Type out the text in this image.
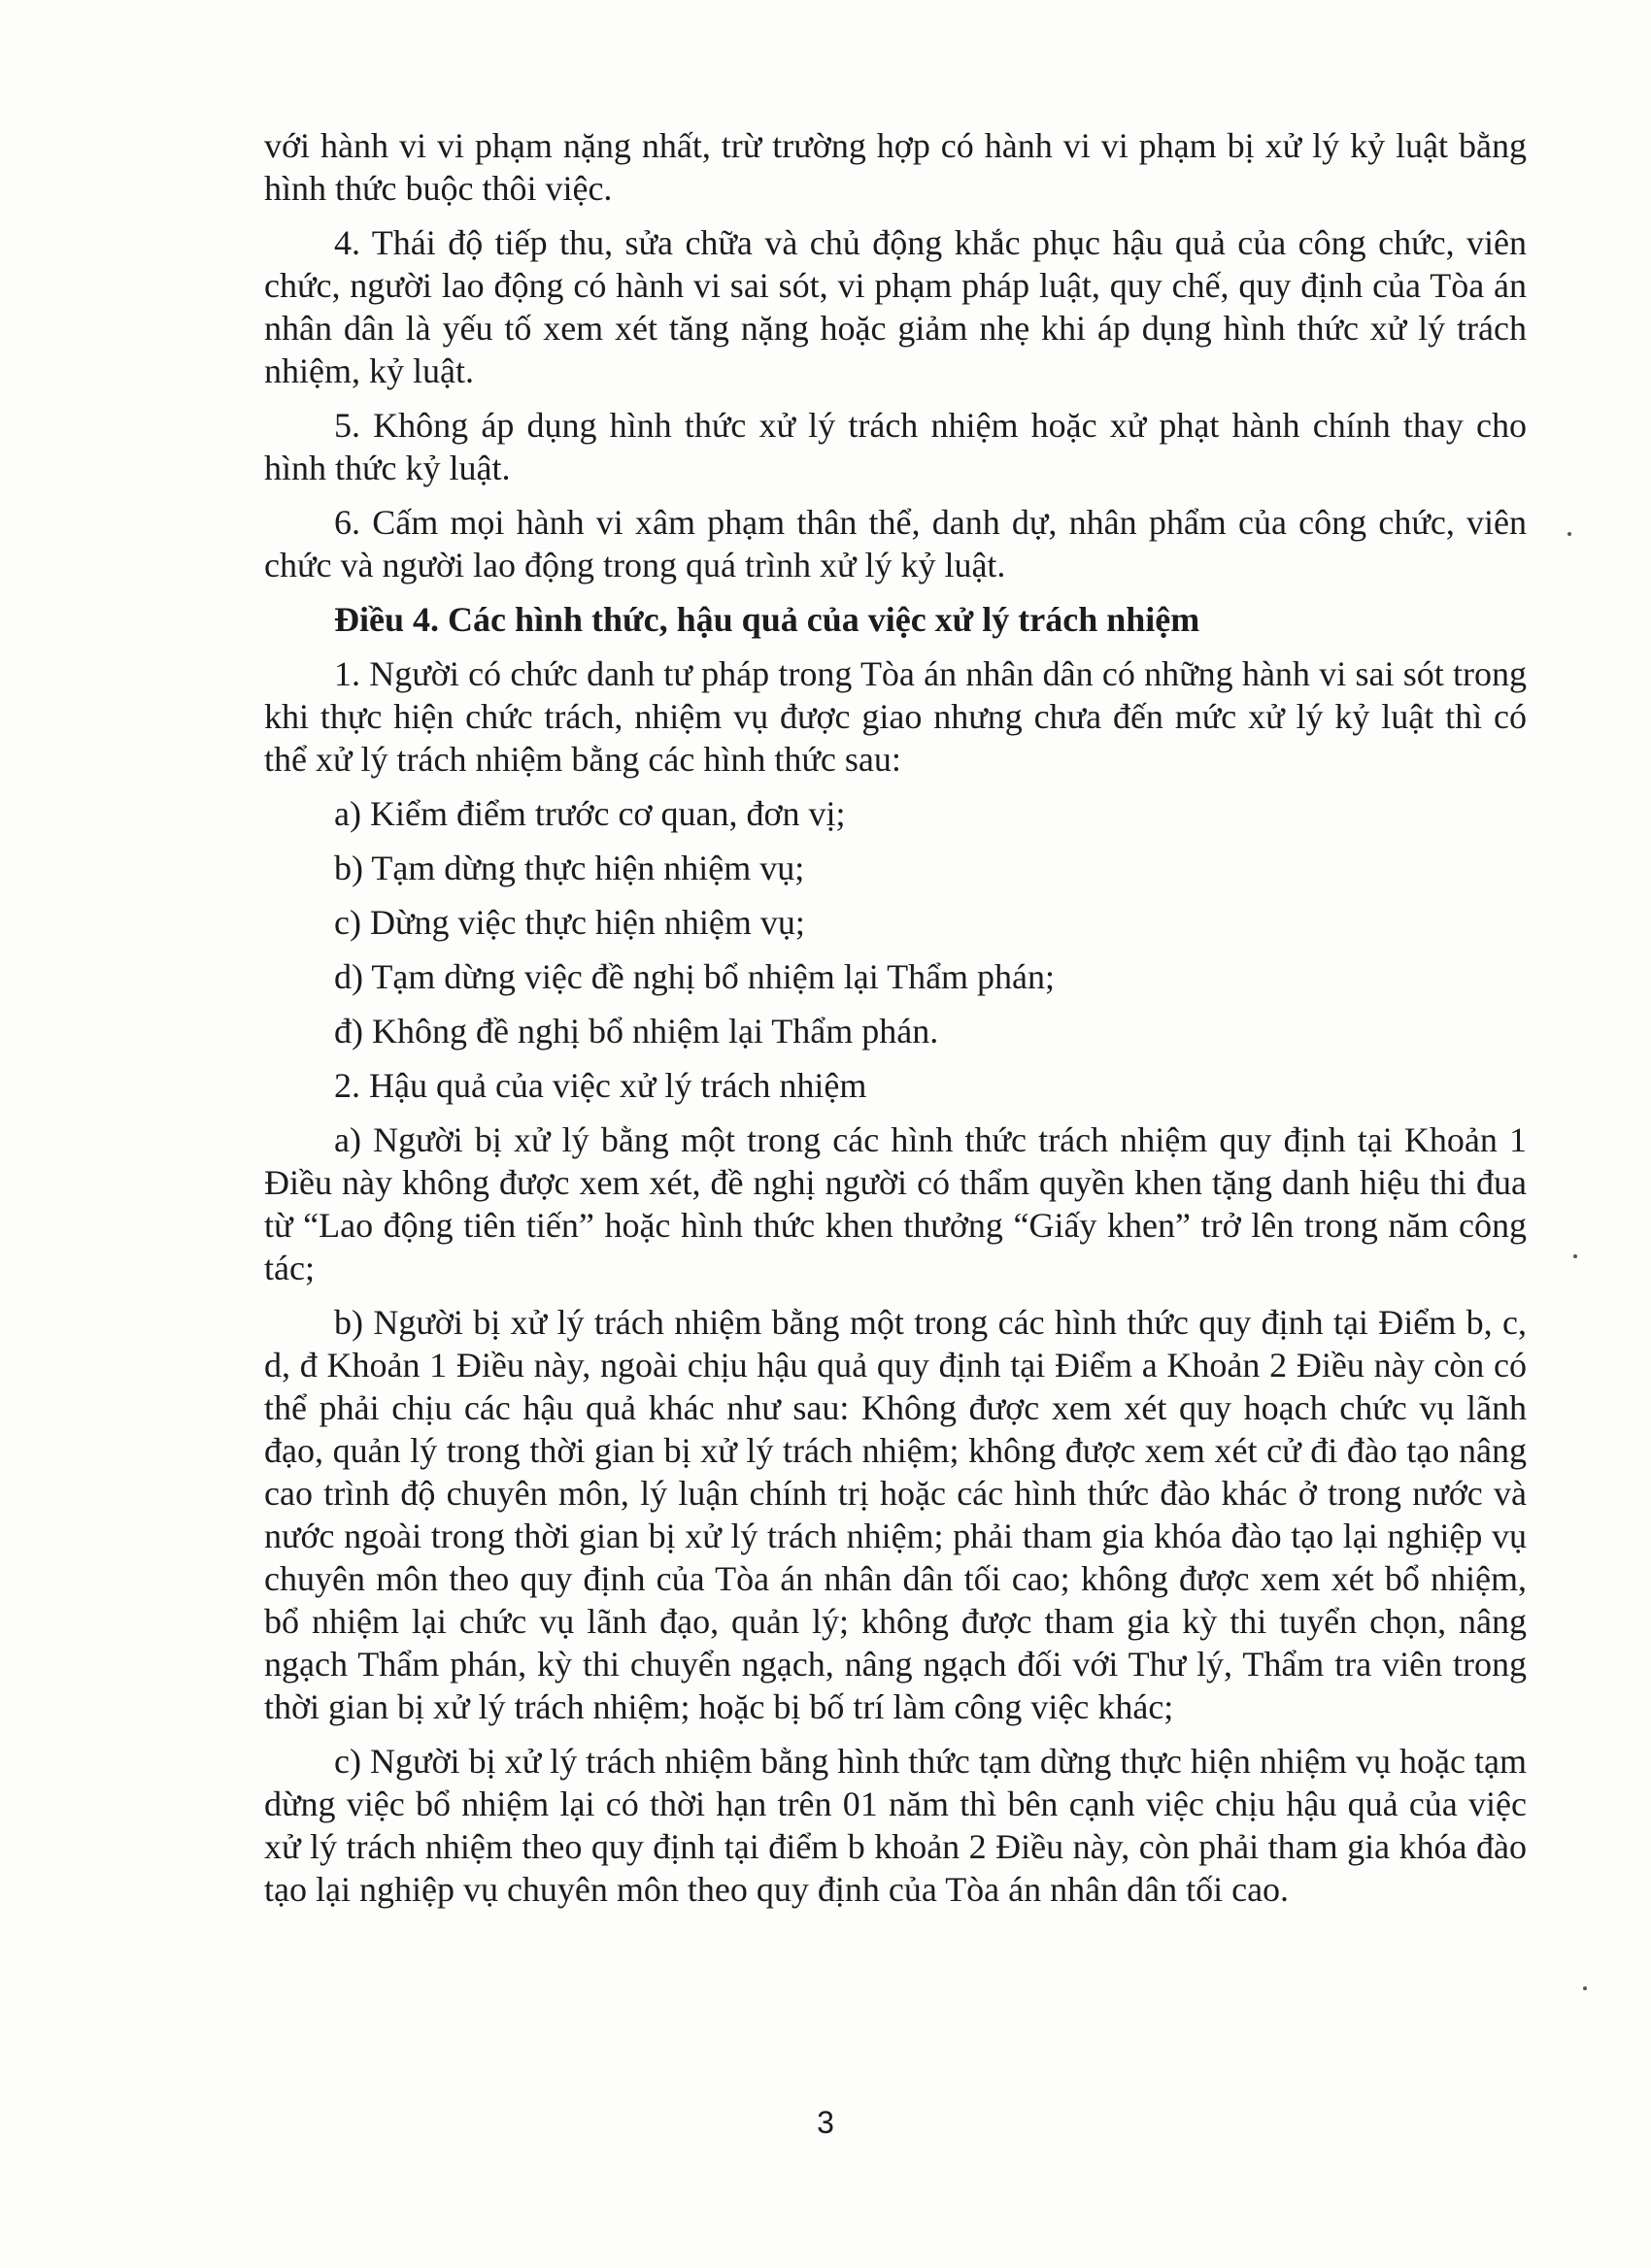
với hành vi vi phạm nặng nhất, trừ trường hợp có hành vi vi phạm bị xử lý kỷ luật bằng hình thức buộc thôi việc.

4. Thái độ tiếp thu, sửa chữa và chủ động khắc phục hậu quả của công chức, viên chức, người lao động có hành vi sai sót, vi phạm pháp luật, quy chế, quy định của Tòa án nhân dân là yếu tố xem xét tăng nặng hoặc giảm nhẹ khi áp dụng hình thức xử lý trách nhiệm, kỷ luật.

5. Không áp dụng hình thức xử lý trách nhiệm hoặc xử phạt hành chính thay cho hình thức kỷ luật.

6. Cấm mọi hành vi xâm phạm thân thể, danh dự, nhân phẩm của công chức, viên chức và người lao động trong quá trình xử lý kỷ luật.

Điều 4. Các hình thức, hậu quả của việc xử lý trách nhiệm

1. Người có chức danh tư pháp trong Tòa án nhân dân có những hành vi sai sót trong khi thực hiện chức trách, nhiệm vụ được giao nhưng chưa đến mức xử lý kỷ luật thì có thể xử lý trách nhiệm bằng các hình thức sau:

a) Kiểm điểm trước cơ quan, đơn vị;

b) Tạm dừng thực hiện nhiệm vụ;

c) Dừng việc thực hiện nhiệm vụ;

d) Tạm dừng việc đề nghị bổ nhiệm lại Thẩm phán;

đ) Không đề nghị bổ nhiệm lại Thẩm phán.

2. Hậu quả của việc xử lý trách nhiệm

a) Người bị xử lý bằng một trong các hình thức trách nhiệm quy định tại Khoản 1 Điều này không được xem xét, đề nghị người có thẩm quyền khen tặng danh hiệu thi đua từ “Lao động tiên tiến” hoặc hình thức khen thưởng “Giấy khen” trở lên trong năm công tác;

b) Người bị xử lý trách nhiệm bằng một trong các hình thức quy định tại Điểm b, c, d, đ Khoản 1 Điều này, ngoài chịu hậu quả quy định tại Điểm a Khoản 2 Điều này còn có thể phải chịu các hậu quả khác như sau: Không được xem xét quy hoạch chức vụ lãnh đạo, quản lý trong thời gian bị xử lý trách nhiệm; không được xem xét cử đi đào tạo nâng cao trình độ chuyên môn, lý luận chính trị hoặc các hình thức đào khác ở trong nước và nước ngoài trong thời gian bị xử lý trách nhiệm; phải tham gia khóa đào tạo lại nghiệp vụ chuyên môn theo quy định của Tòa án nhân dân tối cao; không được xem xét bổ nhiệm, bổ nhiệm lại chức vụ lãnh đạo, quản lý; không được tham gia kỳ thi tuyển chọn, nâng ngạch Thẩm phán, kỳ thi chuyển ngạch, nâng ngạch đối với Thư lý, Thẩm tra viên trong thời gian bị xử lý trách nhiệm; hoặc bị bố trí làm công việc khác;

c) Người bị xử lý trách nhiệm bằng hình thức tạm dừng thực hiện nhiệm vụ hoặc tạm dừng việc bổ nhiệm lại có thời hạn trên 01 năm thì bên cạnh việc chịu hậu quả của việc xử lý trách nhiệm theo quy định tại điểm b khoản 2 Điều này, còn phải tham gia khóa đào tạo lại nghiệp vụ chuyên môn theo quy định của Tòa án nhân dân tối cao.

3
